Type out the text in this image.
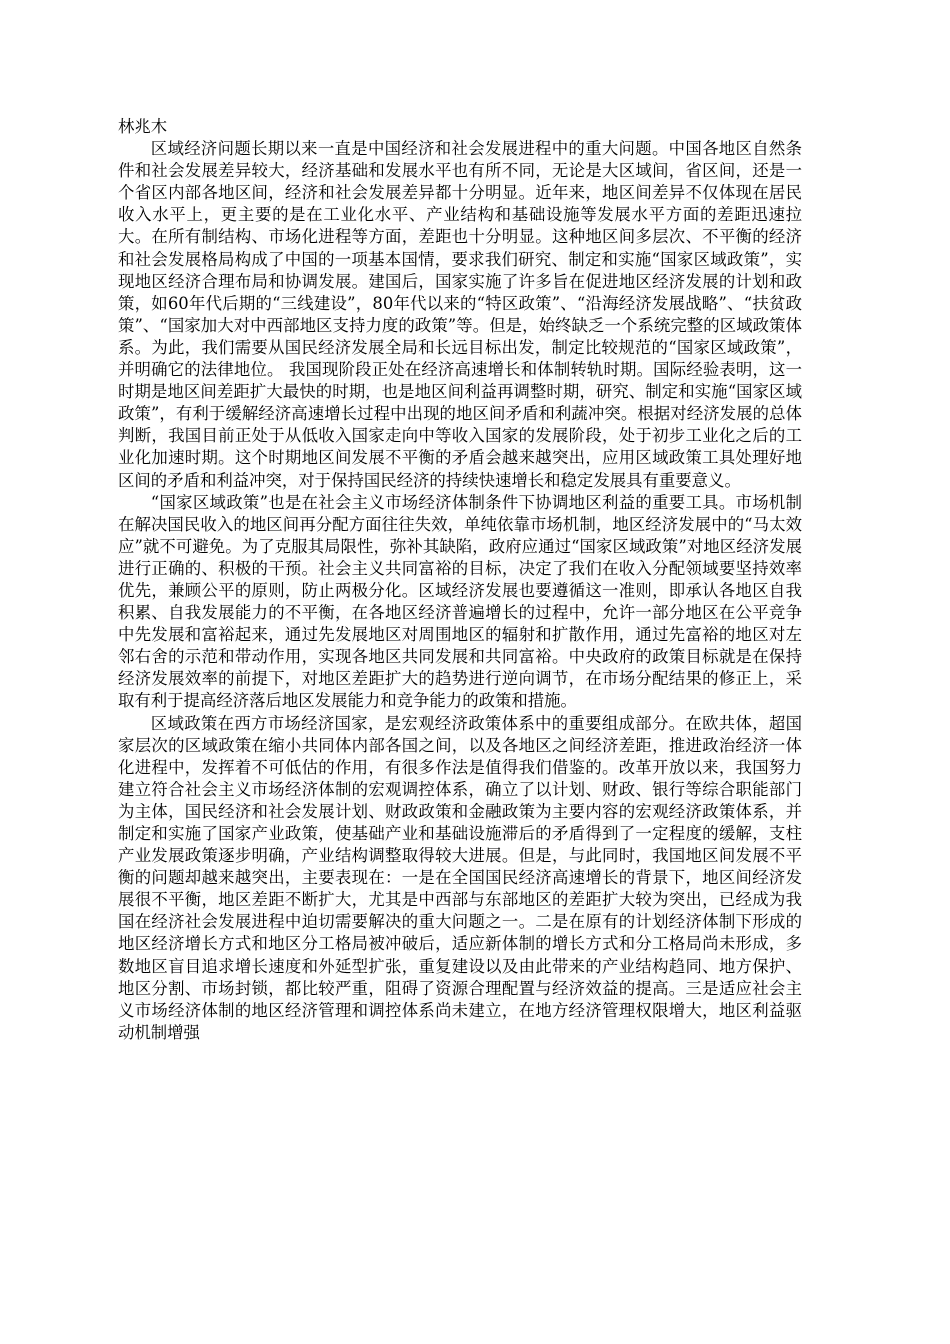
林兆木

区域经济问题长期以来一直是中国经济和社会发展进程中的重大问题。中国各地区自然条件和社会发展差异较大，经济基础和发展水平也有所不同，无论是大区域间，省区间，还是一个省区内部各地区间，经济和社会发展差异都十分明显。近年来，地区间差异不仅体现在居民收入水平上，更主要的是在工业化水平、产业结构和基础设施等发展水平方面的差距迅速拉大。在所有制结构、市场化进程等方面，差距也十分明显。这种地区间多层次、不平衡的经济和社会发展格局构成了中国的一项基本国情，要求我们研究、制定和实施“国家区域政策”，实现地区经济合理布局和协调发展。建国后，国家实施了许多旨在促进地区经济发展的计划和政策，如60年代后期的“三线建设”，80年代以来的“特区政策”、“沿海经济发展战略”、“扶贫政策”、“国家加大对中西部地区支持力度的政策”等。但是，始终缺乏一个系统完整的区域政策体系。为此，我们需要从国民经济发展全局和长远目标出发，制定比较规范的“国家区域政策”，并明确它的法律地位。 我国现阶段正处在经济高速增长和体制转轨时期。国际经验表明，这一时期是地区间差距扩大最快的时期，也是地区间利益再调整时期，研究、制定和实施“国家区域政策”，有利于缓解经济高速增长过程中出现的地区间矛盾和利蔬冲突。根据对经济发展的总体判断，我国目前正处于从低收入国家走向中等收入国家的发展阶段，处于初步工业化之后的工业化加速时期。这个时期地区间发展不平衡的矛盾会越来越突出，应用区域政策工具处理好地区间的矛盾和利益冲突，对于保持国民经济的持续快速增长和稳定发展具有重要意义。

“国家区域政策”也是在社会主义市场经济体制条件下协调地区利益的重要工具。市场机制在解决国民收入的地区间再分配方面往往失效，单纯依靠市场机制，地区经济发展中的“马太效应”就不可避免。为了克服其局限性，弥补其缺陷，政府应通过“国家区域政策”对地区经济发展进行正确的、积极的干预。社会主义共同富裕的目标，决定了我们在收入分配领域要坚持效率优先，兼顾公平的原则，防止两极分化。区域经济发展也要遵循这一准则，即承认各地区自我积累、自我发展能力的不平衡，在各地区经济普遍增长的过程中，允许一部分地区在公平竞争中先发展和富裕起来，通过先发展地区对周围地区的辐射和扩散作用，通过先富裕的地区对左邻右舍的示范和带动作用，实现各地区共同发展和共同富裕。中央政府的政策目标就是在保持经济发展效率的前提下，对地区差距扩大的趋势进行逆向调节，在市场分配结果的修正上，采取有利于提高经济落后地区发展能力和竞争能力的政策和措施。

区域政策在西方市场经济国家，是宏观经济政策体系中的重要组成部分。在欧共体，超国家层次的区域政策在缩小共同体内部各国之间，以及各地区之间经济差距，推进政治经济一体化进程中，发挥着不可低估的作用，有很多作法是值得我们借鉴的。改革开放以来，我国努力建立符合社会主义市场经济体制的宏观调控体系，确立了以计划、财政、银行等综合职能部门为主体，国民经济和社会发展计划、财政政策和金融政策为主要内容的宏观经济政策体系，并制定和实施了国家产业政策，使基础产业和基础设施滞后的矛盾得到了一定程度的缓解，支柱产业发展政策逐步明确，产业结构调整取得较大进展。但是，与此同时，我国地区间发展不平衡的问题却越来越突出，主要表现在：一是在全国国民经济高速增长的背景下，地区间经济发展很不平衡，地区差距不断扩大，尤其是中西部与东部地区的差距扩大较为突出，已经成为我国在经济社会发展进程中迫切需要解决的重大问题之一。二是在原有的计划经济体制下形成的地区经济增长方式和地区分工格局被冲破后，适应新体制的增长方式和分工格局尚未形成，多数地区盲目追求增长速度和外延型扩张，重复建设以及由此带来的产业结构趋同、地方保护、地区分割、市场封锁，都比较严重，阻碍了资源合理配置与经济效益的提高。三是适应社会主义市场经济体制的地区经济管理和调控体系尚未建立，在地方经济管理权限增大，地区利益驱动机制增强
